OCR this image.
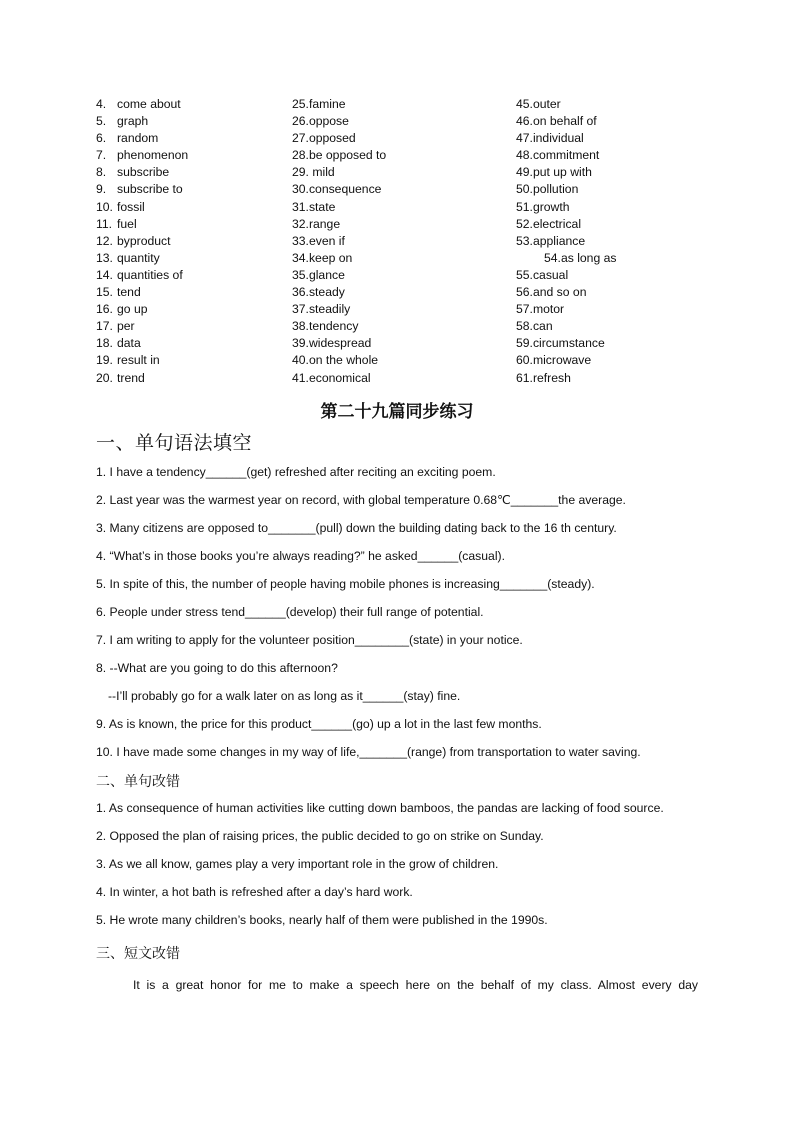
4. come about
5. graph
6. random
7. phenomenon
8. subscribe
9. subscribe to
10. fossil
11. fuel
12. byproduct
13. quantity
14. quantities of
15. tend
16. go up
17. per
18. data
19. result in
20. trend
25.famine
26.oppose
27.opposed
28.be opposed to
29. mild
30.consequence
31.state
32.range
33.even if
34.keep on
35.glance
36.steady
37.steadily
38.tendency
39.widespread
40.on the whole
41.economical
45.outer
46.on behalf of
47.individual
48.commitment
49.put up with
50.pollution
51.growth
52.electrical
53.appliance
54.as long as
55.casual
56.and so on
57.motor
58.can
59.circumstance
60.microwave
61.refresh
第二十九篇同步练习
一、单句语法填空
1. I have a tendency______(get) refreshed after reciting an exciting poem.
2. Last year was the warmest year on record, with global temperature 0.68℃_______the average.
3. Many citizens are opposed to_______(pull) down the building dating back to the 16 th century.
4. “What’s in those books you’re always reading?” he asked______(casual).
5. In spite of this, the number of people having mobile phones is increasing_______(steady).
6. People under stress tend______(develop) their full range of potential.
7. I am writing to apply for the volunteer position________(state) in your notice.
8. --What are you going to do this afternoon?
--I’ll probably go for a walk later on as long as it______(stay) fine.
9. As is known, the price for this product______(go) up a lot in the last few months.
10. I have made some changes in my way of life,_______(range) from transportation to water saving.
二、单句改错
1. As consequence of human activities like cutting down bamboos, the pandas are lacking of food source.
2. Opposed the plan of raising prices, the public decided to go on strike on Sunday.
3. As we all know, games play a very important role in the grow of children.
4. In winter, a hot bath is refreshed after a day’s hard work.
5. He wrote many children’s books, nearly half of them were published in the 1990s.
三、短文改错
It is a great honor for me to make a speech here on the behalf of my class. Almost every day
